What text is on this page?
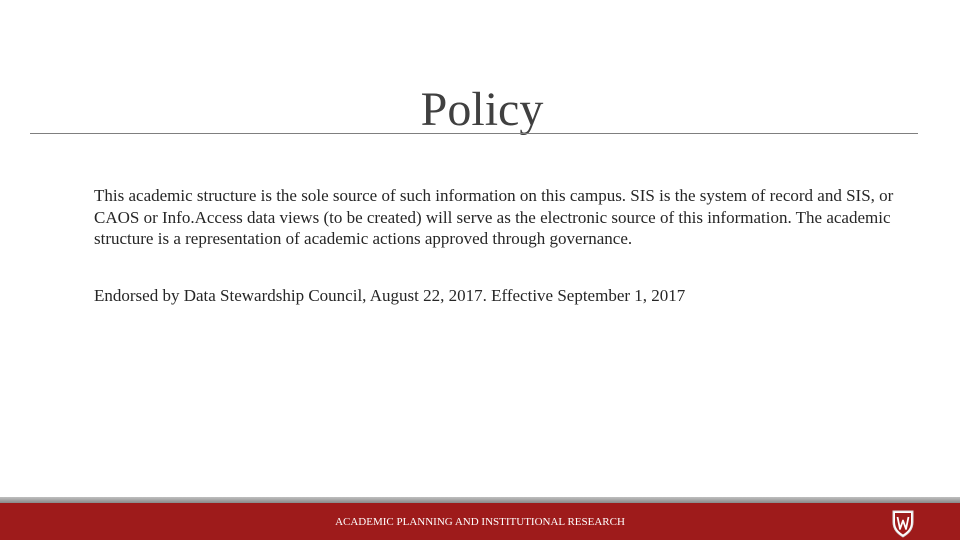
Policy

This academic structure is the sole source of such information on this campus. SIS is the system of record and SIS, or CAOS or Info.Access data views (to be created) will serve as the electronic source of this information. The academic structure is a representation of academic actions approved through governance.

Endorsed by Data Stewardship Council, August 22, 2017. Effective September 1, 2017

ACADEMIC PLANNING AND INSTITUTIONAL RESEARCH
